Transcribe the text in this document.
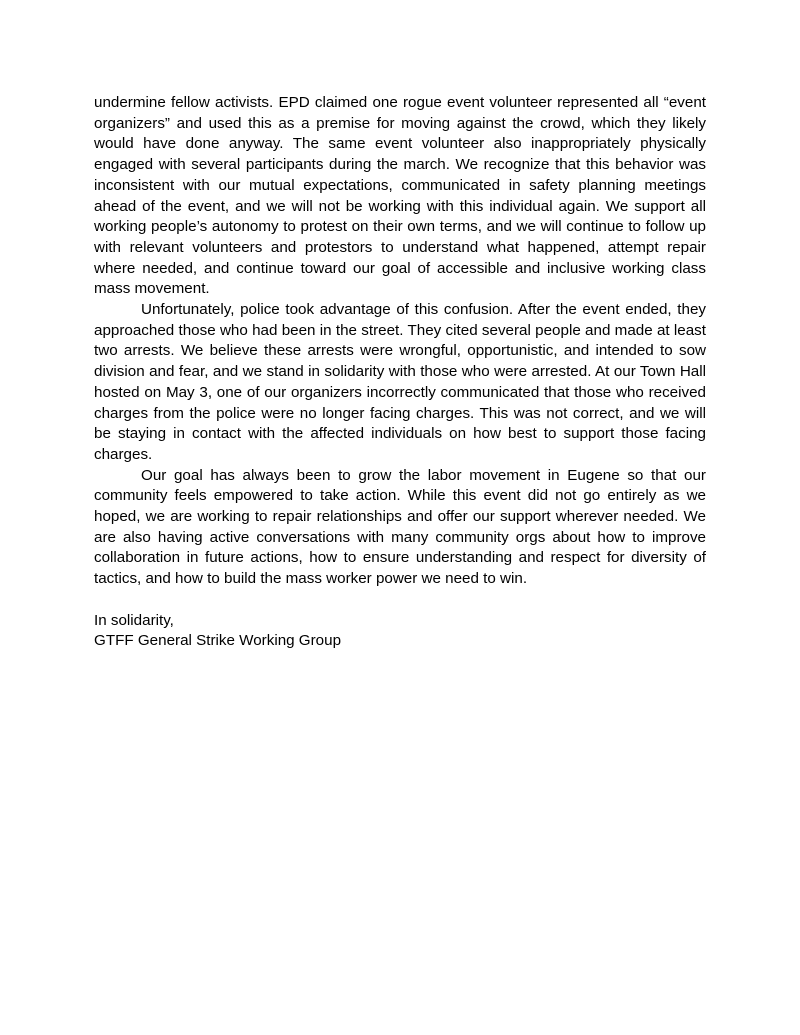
undermine fellow activists. EPD claimed one rogue event volunteer represented all “event organizers” and used this as a premise for moving against the crowd, which they likely would have done anyway. The same event volunteer also inappropriately physically engaged with several participants during the march. We recognize that this behavior was inconsistent with our mutual expectations, communicated in safety planning meetings ahead of the event, and we will not be working with this individual again. We support all working people’s autonomy to protest on their own terms, and we will continue to follow up with relevant volunteers and protestors to understand what happened, attempt repair where needed, and continue toward our goal of accessible and inclusive working class mass movement.

Unfortunately, police took advantage of this confusion. After the event ended, they approached those who had been in the street. They cited several people and made at least two arrests. We believe these arrests were wrongful, opportunistic, and intended to sow division and fear, and we stand in solidarity with those who were arrested. At our Town Hall hosted on May 3, one of our organizers incorrectly communicated that those who received charges from the police were no longer facing charges. This was not correct, and we will be staying in contact with the affected individuals on how best to support those facing charges.

Our goal has always been to grow the labor movement in Eugene so that our community feels empowered to take action. While this event did not go entirely as we hoped, we are working to repair relationships and offer our support wherever needed. We are also having active conversations with many community orgs about how to improve collaboration in future actions, how to ensure understanding and respect for diversity of tactics, and how to build the mass worker power we need to win.

In solidarity,

GTFF General Strike Working Group
